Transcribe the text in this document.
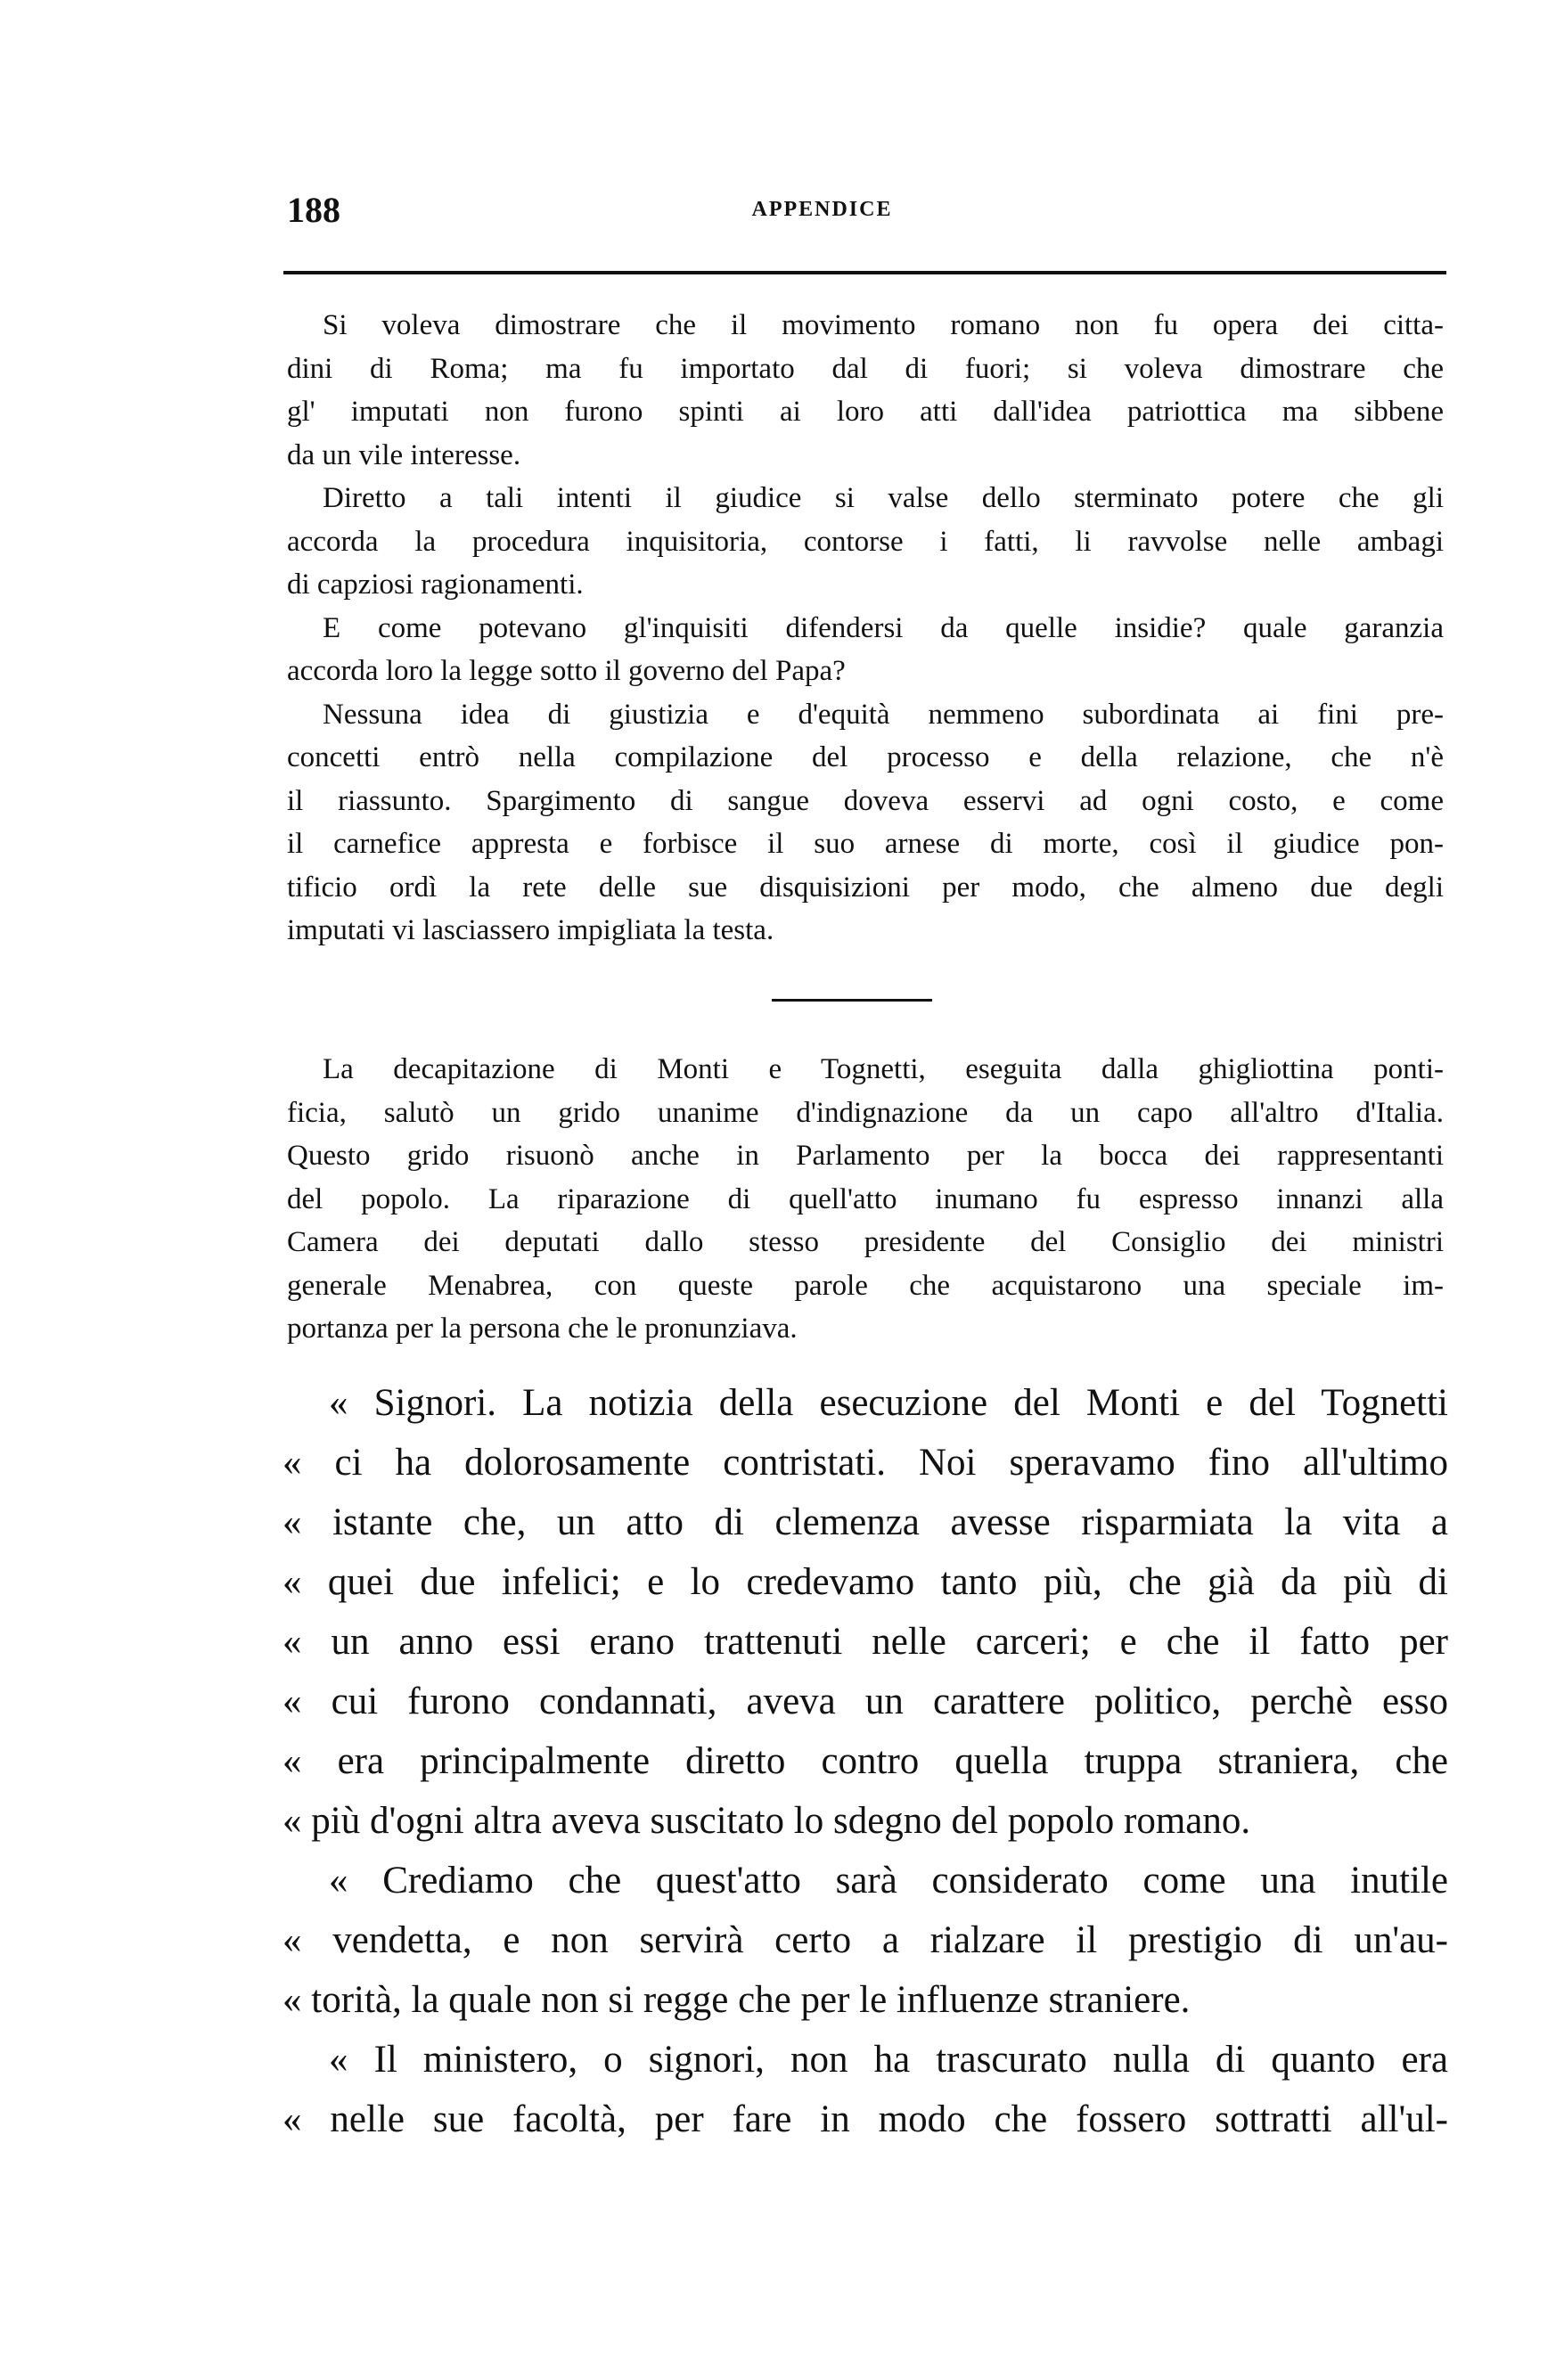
188	APPENDICE
Si voleva dimostrare che il movimento romano non fu opera dei citta-
dini di Roma; ma fu importato dal di fuori; si voleva dimostrare che
gl' imputati non furono spinti ai loro atti dall'idea patriottica ma sibbene
da un vile interesse.
Diretto a tali intenti il giudice si valse dello sterminato potere che gli
accorda la procedura inquisitoria, contorse i fatti, li ravvolse nelle ambagi
di capziosi ragionamenti.
E come potevano gl'inquisiti difendersi da quelle insidie? quale garanzia
accorda loro la legge sotto il governo del Papa?
Nessuna idea di giustizia e d'equità nemmeno subordinata ai fini pre-
concetti entrò nella compilazione del processo e della relazione, che n'è
il riassunto. Spargimento di sangue doveva esservi ad ogni costo, e come
il carnefice appresta e forbisce il suo arnese di morte, così il giudice pon-
tificio ordì la rete delle sue disquisizioni per modo, che almeno due degli
imputati vi lasciassero impigliata la testa.
La decapitazione di Monti e Tognetti, eseguita dalla ghigliottina ponti-
ficia, salutò un grido unanime d'indignazione da un capo all'altro d'Italia.
Questo grido risuonò anche in Parlamento per la bocca dei rappresentanti
del popolo. La riparazione di quell'atto inumano fu espresso innanzi alla
Camera dei deputati dallo stesso presidente del Consiglio dei ministri
generale Menabrea, con queste parole che acquistarono una speciale im-
portanza per la persona che le pronunziava.
« Signori. La notizia della esecuzione del Monti e del Tognetti
« ci ha dolorosamente contristati. Noi speravamo fino all'ultimo
« istante che, un atto di clemenza avesse risparmiata la vita a
« quei due infelici; e lo credevamo tanto più, che già da più di
« un anno essi erano trattenuti nelle carceri; e che il fatto per
« cui furono condannati, aveva un carattere politico, perchè esso
« era principalmente diretto contro quella truppa straniera, che
« più d'ogni altra aveva suscitato lo sdegno del popolo romano.
« Crediamo che quest'atto sarà considerato come una inutile
« vendetta, e non servirà certo a rialzare il prestigio di un'au-
« torità, la quale non si regge che per le influenze straniere.
« Il ministero, o signori, non ha trascurato nulla di quanto era
« nelle sue facoltà, per fare in modo che fossero sottratti all'ul-
